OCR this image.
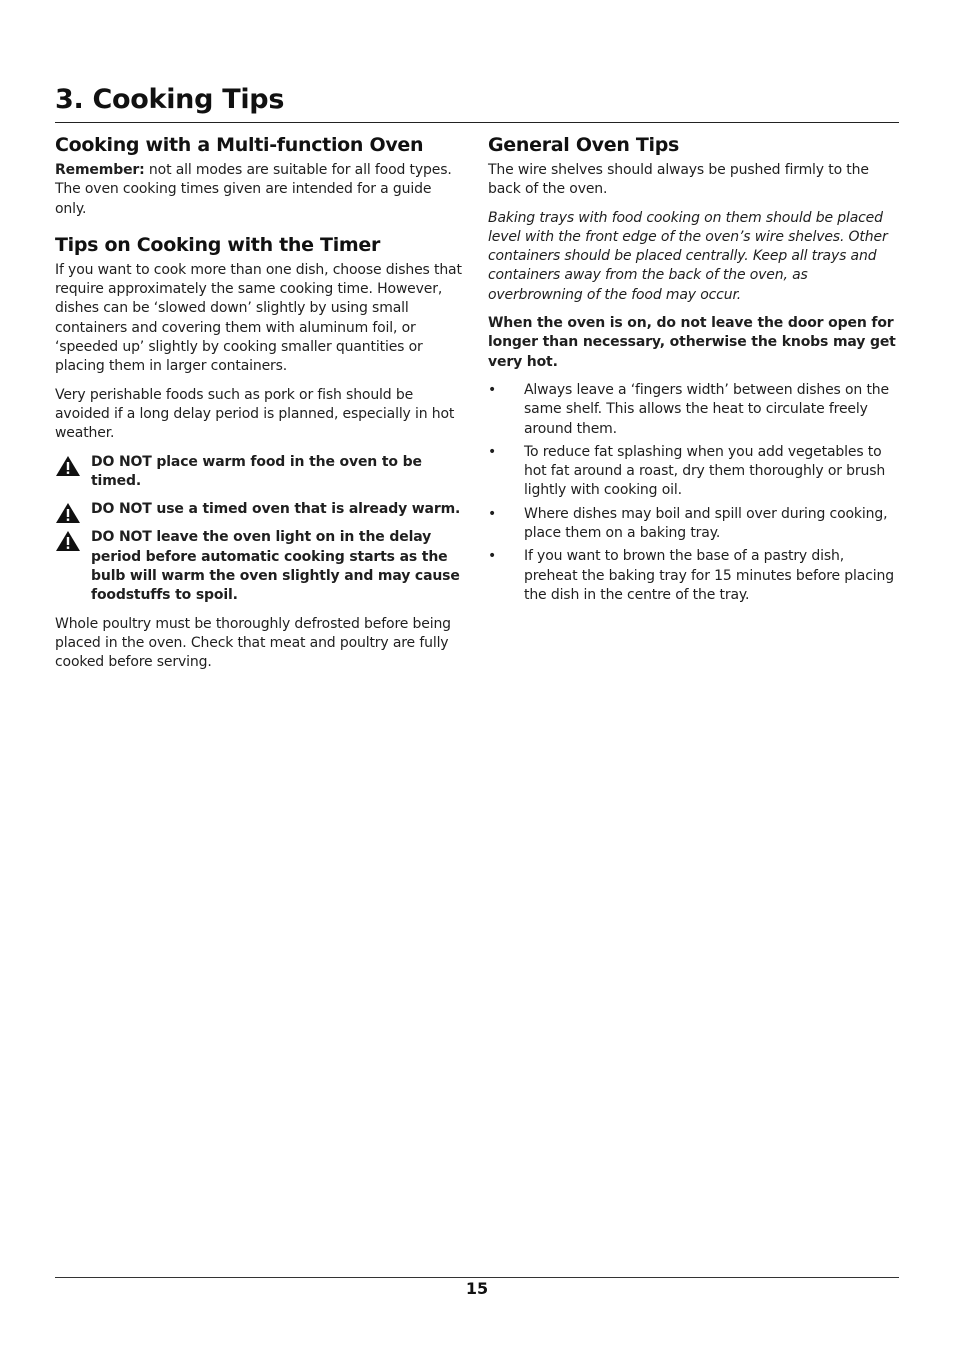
3. Cooking Tips
Cooking with a Multi-function Oven

Remember: not all modes are suitable for all food types. The oven cooking times given are intended for a guide only.

Tips on Cooking with the Timer

If you want to cook more than one dish, choose dishes that require approximately the same cooking time. However, dishes can be ‘slowed down’ slightly by using small containers and covering them with aluminum foil, or ‘speeded up’ slightly by cooking smaller quantities or placing them in larger containers.

Very perishable foods such as pork or fish should be avoided if a long delay period is planned, especially in hot weather.

DO NOT place warm food in the oven to be timed.

DO NOT use a timed oven that is already warm.

DO NOT leave the oven light on in the delay period before automatic cooking starts as the bulb will warm the oven slightly and may cause foodstuffs to spoil.

Whole poultry must be thoroughly defrosted before being placed in the oven. Check that meat and poultry are fully cooked before serving.

General Oven Tips

The wire shelves should always be pushed firmly to the back of the oven.

Baking trays with food cooking on them should be placed level with the front edge of the oven’s wire shelves. Other containers should be placed centrally. Keep all trays and containers away from the back of the oven, as overbrowning of the food may occur.

When the oven is on, do not leave the door open for longer than necessary, otherwise the knobs may get very hot.

• Always leave a ‘fingers width’ between dishes on the same shelf. This allows the heat to circulate freely around them.
• To reduce fat splashing when you add vegetables to hot fat around a roast, dry them thoroughly or brush lightly with cooking oil.
• Where dishes may boil and spill over during cooking, place them on a baking tray.
• If you want to brown the base of a pastry dish, preheat the baking tray for 15 minutes before placing the dish in the centre of the tray.
15
